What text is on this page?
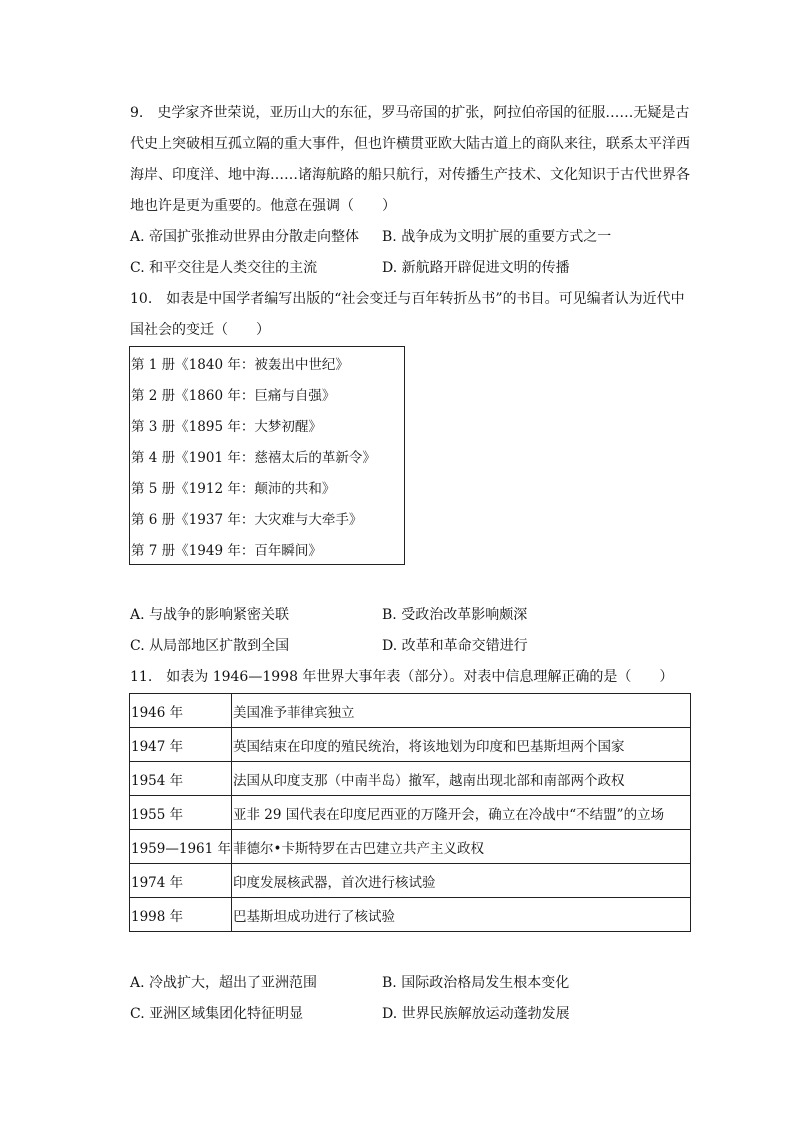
9.　史学家齐世荣说，亚历山大的东征，罗马帝国的扩张，阿拉伯帝国的征服……无疑是古
代史上突破相互孤立隔的重大事件，但也许横贯亚欧大陆古道上的商队来往，联系太平洋西
海岸、印度洋、地中海……诸海航路的船只航行，对传播生产技术、文化知识于古代世界各
地也许是更为重要的。他意在强调（　　）
A. 帝国扩张推动世界由分散走向整体 B. 战争成为文明扩展的重要方式之一
C. 和平交往是人类交往的主流	D. 新航路开辟促进文明的传播
10.　如表是中国学者编写出版的“社会变迁与百年转折丛书”的书目。可见编者认为近代中
国社会的变迁（　　）
第 1 册《1840 年：被轰出中世纪》
第 2 册《1860 年：巨痛与自强》
第 3 册《1895 年：大梦初醒》
第 4 册《1901 年：慈禧太后的革新令》
第 5 册《1912 年：颠沛的共和》
第 6 册《1937 年：大灾难与大牵手》
第 7 册《1949 年：百年瞬间》
A. 与战争的影响紧密关联	B. 受政治改革影响颇深
C. 从局部地区扩散到全国	D. 改革和革命交错进行
11.　如表为 1946—1998 年世界大事年表（部分）。对表中信息理解正确的是（　　）
1946 年	美国准予菲律宾独立
1947 年	英国结束在印度的殖民统治，将该地划为印度和巴基斯坦两个国家
1954 年	法国从印度支那（中南半岛）撤军，越南出现北部和南部两个政权
1955 年	亚非 29 国代表在印度尼西亚的万隆开会，确立在冷战中“不结盟”的立场
1959—1961 年	菲德尔•卡斯特罗在古巴建立共产主义政权
1974 年	印度发展核武器，首次进行核试验
1998 年	巴基斯坦成功进行了核试验
A. 冷战扩大，超出了亚洲范围	B. 国际政治格局发生根本变化
C. 亚洲区域集团化特征明显	D. 世界民族解放运动蓬勃发展
